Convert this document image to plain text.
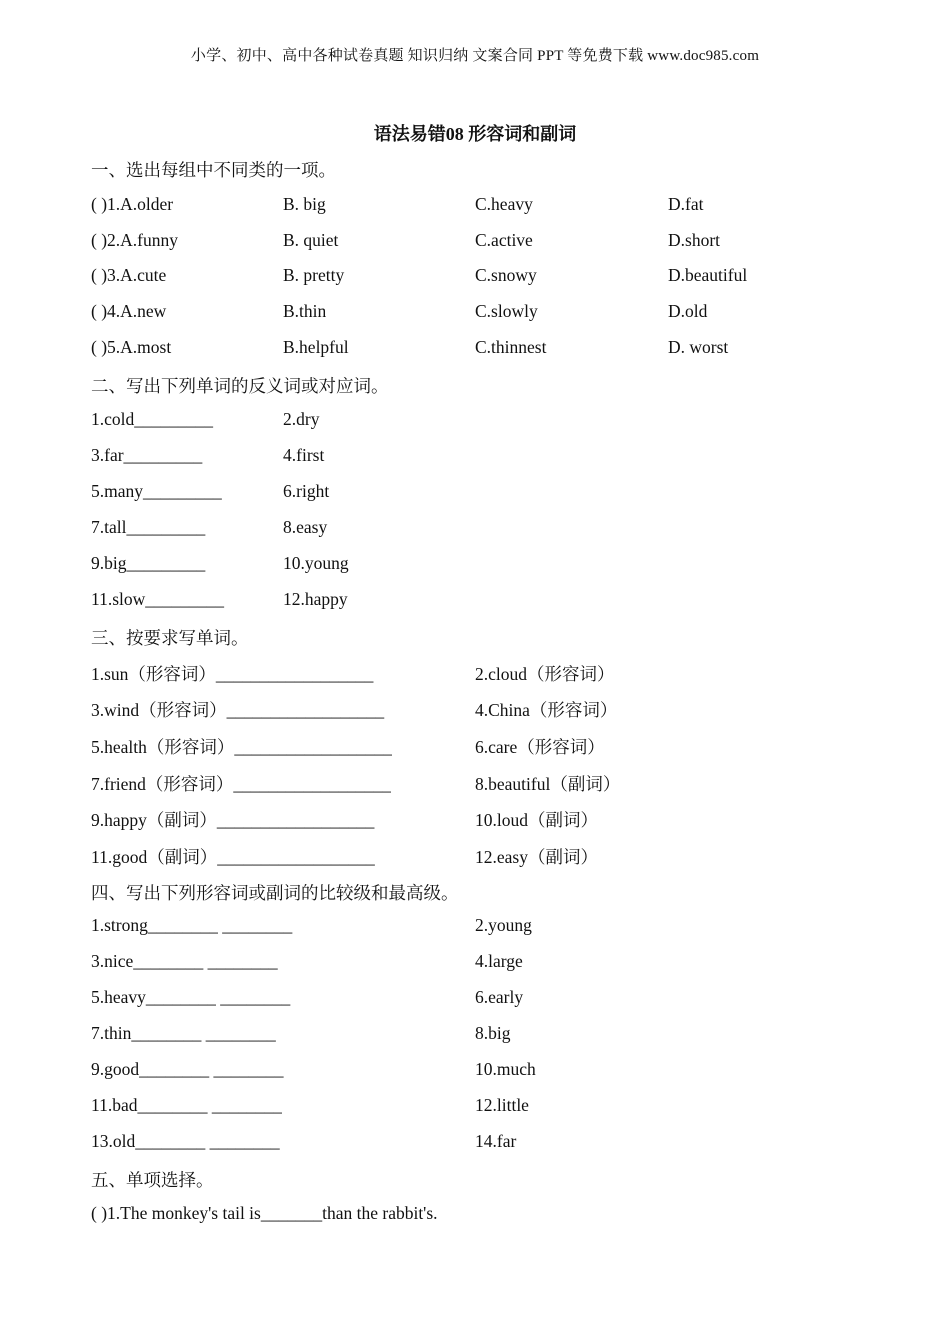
小学、初中、高中各种试卷真题 知识归纳 文案合同 PPT 等免费下载 www.doc985.com
语法易错08 形容词和副词
一、选出每组中不同类的一项。
( )1.A.older	B. big	C.heavy	D.fat
( )2.A.funny	B. quiet	C.active	D.short
( )3.A.cute	B. pretty	C.snowy	D.beautiful
( )4.A.new	B.thin	C.slowly	D.old
( )5.A.most	B.helpful	C.thinnest	D. worst
二、写出下列单词的反义词或对应词。
1.cold_________	2.dry
3.far_________	4.first
5.many_________	6.right
7.tall_________	8.easy
9.big_________	10.young
11.slow_________	12.happy
三、按要求写单词。
1.sun（形容词）__________________	2.cloud（形容词）
3.wind（形容词）__________________	4.China（形容词）
5.health（形容词）__________________	6.care（形容词）
7.friend（形容词）__________________	8.beautiful（副词）
9.happy（副词）__________________	10.loud（副词）
11.good（副词）__________________	12.easy（副词）
四、写出下列形容词或副词的比较级和最高级。
1.strong________ ________	2.young
3.nice________ ________	4.large
5.heavy________ ________	6.early
7.thin________ ________	8.big
9.good________ ________	10.much
11.bad________ ________	12.little
13.old________ ________	14.far
五、单项选择。
( )1.The monkey's tail is_______than the rabbit's.
